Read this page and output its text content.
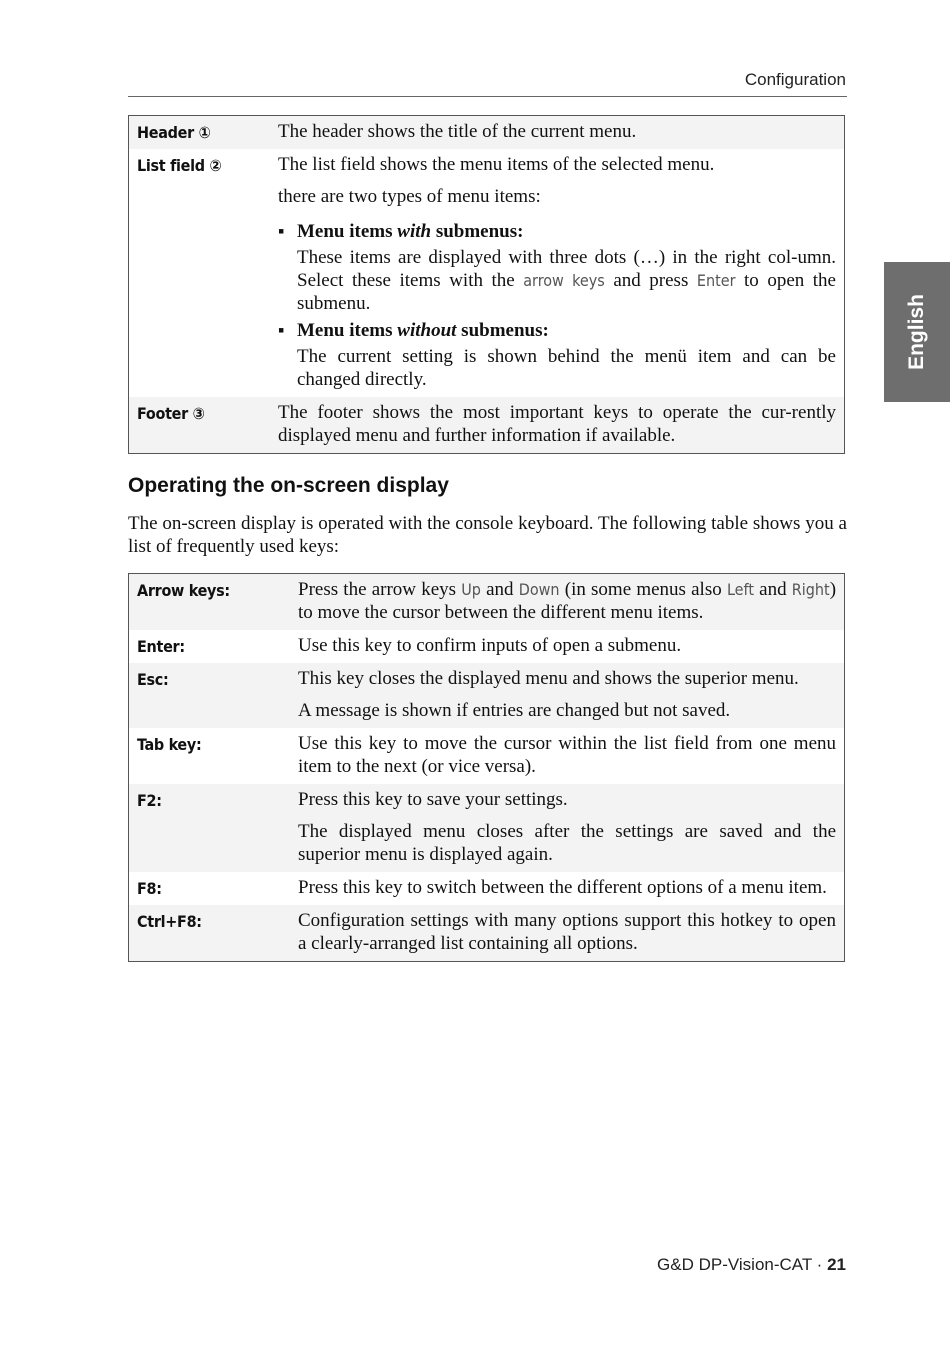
Configuration
English
Header ①	The header shows the title of the current menu.

List field ②	The list field shows the menu items of the selected menu.

there are two types of menu items:

▪ Menu items with submenus:
These items are displayed with three dots (…) in the right col-umn. Select these items with the arrow keys and press Enter to open the submenu.
▪ Menu items without submenus:
The current setting is shown behind the menü item and can be changed directly.
Footer ③	The footer shows the most important keys to operate the cur-rently displayed menu and further information if available.

Operating the on-screen display

The on-screen display is operated with the console keyboard. The following table shows you a list of frequently used keys:

Arrow keys:	Press the arrow keys Up and Down (in some menus also Left and Right) to move the cursor between the different menu items.

Enter:	Use this key to confirm inputs of open a submenu.

Esc:	This key closes the displayed menu and shows the superior menu.

A message is shown if entries are changed but not saved.

Tab key:	Use this key to move the cursor within the list field from one menu item to the next (or vice versa).

F2:	Press this key to save your settings.

The displayed menu closes after the settings are saved and the superior menu is displayed again.

F8:	Press this key to switch between the different options of a menu item.

Ctrl+F8:	Configuration settings with many options support this hotkey to open a clearly-arranged list containing all options.

G&D DP-Vision-CAT · 21
